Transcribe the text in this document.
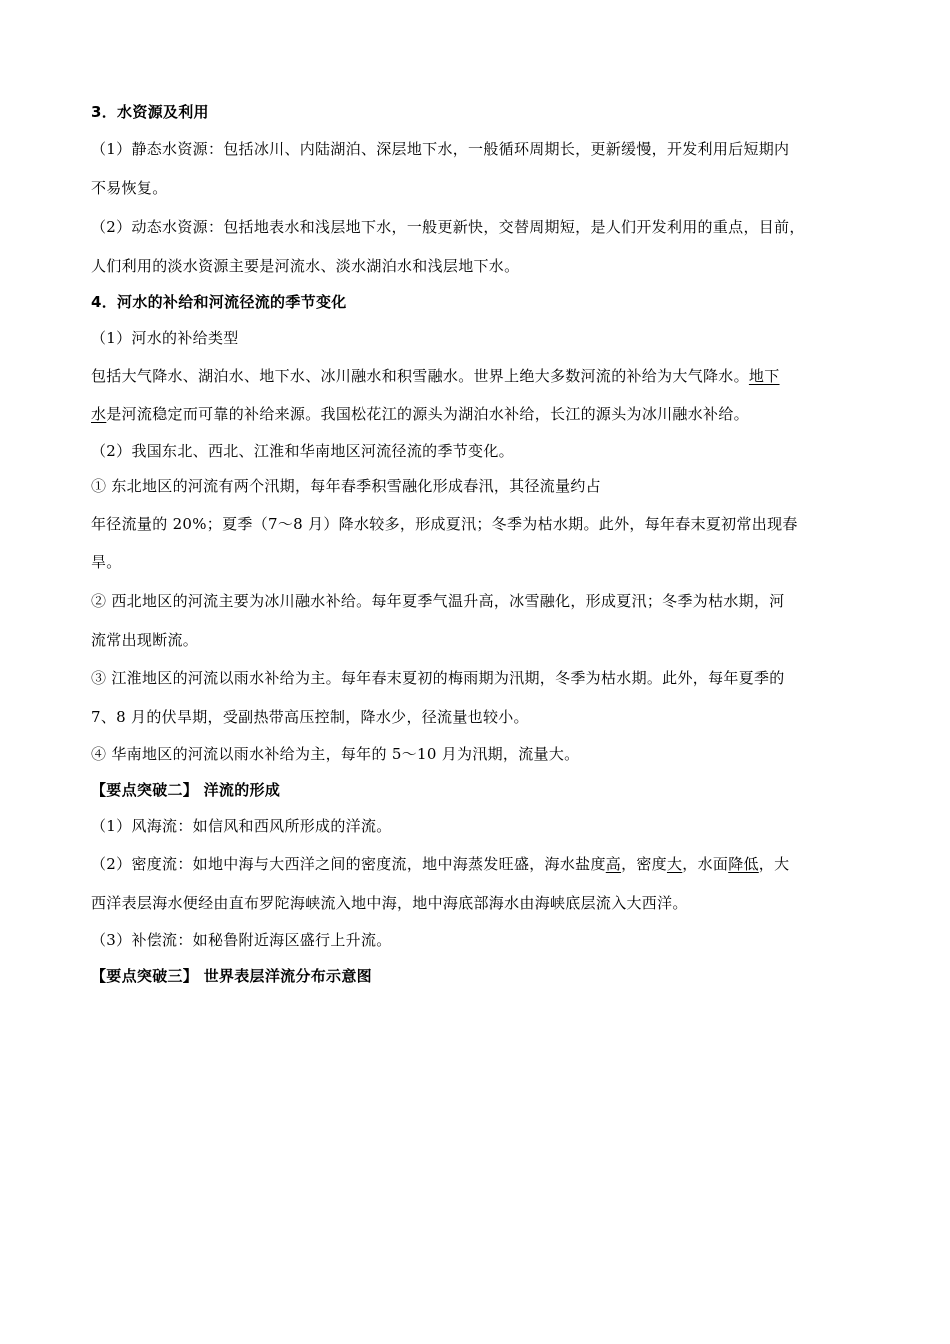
3．水资源及利用
（1）静态水资源：包括冰川、内陆湖泊、深层地下水，一般循环周期长，更新缓慢，开发利用后短期内
不易恢复。
（2）动态水资源：包括地表水和浅层地下水，一般更新快，交替周期短，是人们开发利用的重点，目前，
人们利用的淡水资源主要是河流水、淡水湖泊水和浅层地下水。
4．河水的补给和河流径流的季节变化
（1）河水的补给类型
包括大气降水、湖泊水、地下水、冰川融水和积雪融水。世界上绝大多数河流的补给为大气降水。地下
水是河流稳定而可靠的补给来源。我国松花江的源头为湖泊水补给，长江的源头为冰川融水补给。
（2）我国东北、西北、江淮和华南地区河流径流的季节变化。
① 东北地区的河流有两个汛期，每年春季积雪融化形成春汛，其径流量约占
年径流量的 20%；夏季（7～8 月）降水较多，形成夏汛；冬季为枯水期。此外，每年春末夏初常出现春
旱。
② 西北地区的河流主要为冰川融水补给。每年夏季气温升高，冰雪融化，形成夏汛；冬季为枯水期，河
流常出现断流。
③ 江淮地区的河流以雨水补给为主。每年春末夏初的梅雨期为汛期，冬季为枯水期。此外，每年夏季的
7、8 月的伏旱期，受副热带高压控制，降水少，径流量也较小。
④ 华南地区的河流以雨水补给为主，每年的 5～10 月为汛期，流量大。
【要点突破二】 洋流的形成
（1）风海流：如信风和西风所形成的洋流。
（2）密度流：如地中海与大西洋之间的密度流，地中海蒸发旺盛，海水盐度高，密度大，水面降低，大
西洋表层海水便经由直布罗陀海峡流入地中海，地中海底部海水由海峡底层流入大西洋。
（3）补偿流：如秘鲁附近海区盛行上升流。
【要点突破三】 世界表层洋流分布示意图
